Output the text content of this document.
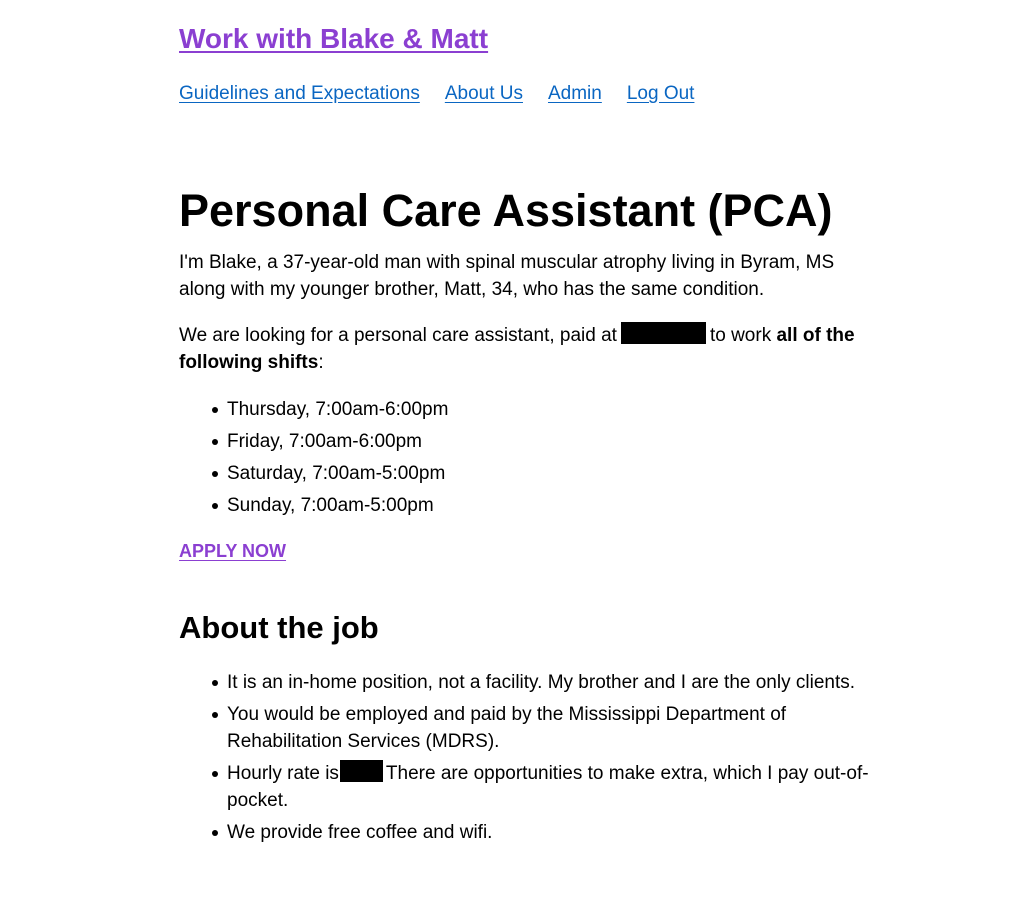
Work with Blake & Matt
Guidelines and Expectations About Us Admin Log Out
Personal Care Assistant (PCA)

I'm Blake, a 37-year-old man with spinal muscular atrophy living in Byram, MS along with my younger brother, Matt, 34, who has the same condition.

We are looking for a personal care assistant, paid at	to work all of the following shifts:

Thursday, 7:00am-6:00pm
Friday, 7:00am-6:00pm
Saturday, 7:00am-5:00pm
Sunday, 7:00am-5:00pm
APPLY NOW
About the job
It is an in-home position, not a facility. My brother and I are the only clients.
You would be employed and paid by the Mississippi Department of Rehabilitation Services (MDRS).
Hourly rate is There are opportunities to make extra, which I pay out-of-pocket.
We provide free coffee and wifi.
